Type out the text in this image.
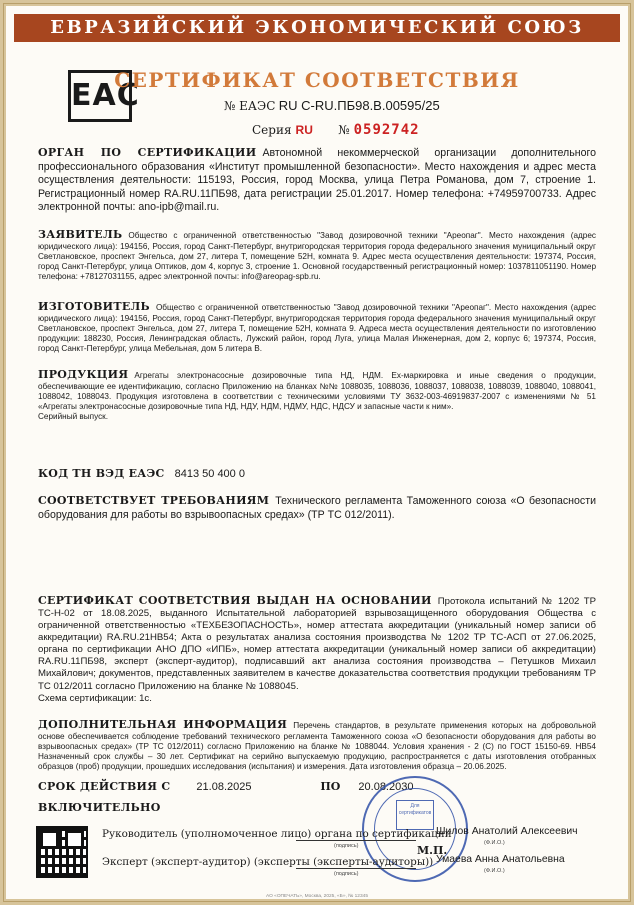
ЕВРАЗИЙСКИЙ ЭКОНОМИЧЕСКИЙ СОЮЗ
EAC
СЕРТИФИКАТ СООТВЕТСТВИЯ
№ ЕАЭС RU C-RU.ПБ98.В.00595/25
Серия RU № 0592742
ОРГАН ПО СЕРТИФИКАЦИИ Автономной некоммерческой организации дополнительного профессионального образования «Институт промышленной безопасности». Место нахождения и адрес места осуществления деятельности: 115193, Россия, город Москва, улица Петра Романова, дом 7, строение 1. Регистрационный номер RA.RU.11ПБ98, дата регистрации 25.01.2017. Номер телефона: +74959700733. Адрес электронной почты: ano-ipb@mail.ru.
ЗАЯВИТЕЛЬ Общество с ограниченной ответственностью "Завод дозировочной техники "Ареопаг". Место нахождения (адрес юридического лица): 194156, Россия, город Санкт-Петербург, внутригородская территория города федерального значения муниципальный округ Светлановское, проспект Энгельса, дом 27, литера Т, помещение 52Н, комната 9. Адрес места осуществления деятельности: 197374, Россия, город Санкт-Петербург, улица Оптиков, дом 4, корпус 3, строение 1. Основной государственный регистрационный номер: 1037811051190. Номер телефона: +78127031155, адрес электронной почты: info@areopag-spb.ru.
ИЗГОТОВИТЕЛЬ Общество с ограниченной ответственностью "Завод дозировочной техники "Ареопаг". Место нахождения (адрес юридического лица): 194156, Россия, город Санкт-Петербург, внутригородская территория города федерального значения муниципальный округ Светлановское, проспект Энгельса, дом 27, литера Т, помещение 52Н, комната 9. Адреса места осуществления деятельности по изготовлению продукции: 188230, Россия, Ленинградская область, Лужский район, город Луга, улица Малая Инженерная, дом 2, корпус 6; 197374, Россия, город Санкт-Петербург, улица Мебельная, дом 5 литера В.
ПРОДУКЦИЯ Агрегаты электронасосные дозировочные типа НД, НДМ. Ex-маркировка и иные сведения о продукции, обеспечивающие ее идентификацию, согласно Приложению на бланках №№ 1088035, 1088036, 1088037, 1088038, 1088039, 1088040, 1088041, 1088042, 1088043. Продукция изготовлена в соответствии с техническими условиями ТУ 3632-003-46919837-2007 с изменениями № 51 «Агрегаты электронасосные дозировочные типа НД, НДУ, НДМ, НДМУ, НДС, НДСУ и запасные части к ним».
Серийный выпуск.
КОД ТН ВЭД ЕАЭС 8413 50 400 0
СООТВЕТСТВУЕТ ТРЕБОВАНИЯМ Технического регламента Таможенного союза «О безопасности оборудования для работы во взрывоопасных средах» (ТР ТС 012/2011).
СЕРТИФИКАТ СООТВЕТСТВИЯ ВЫДАН НА ОСНОВАНИИ Протокола испытаний № 1202 ТР ТС-Н-02 от 18.08.2025, выданного Испытательной лабораторией взрывозащищенного оборудования Общества с ограниченной ответственностью «ТЕХБЕЗОПАСНОСТЬ», номер аттестата аккредитации (уникальный номер записи об аккредитации) RA.RU.21НВ54; Акта о результатах анализа состояния производства № 1202 ТР ТС-АСП от 27.06.2025, органа по сертификации АНО ДПО «ИПБ», номер аттестата аккредитации (уникальный номер записи об аккредитации) RA.RU.11ПБ98, эксперт (эксперт-аудитор), подписавший акт анализа состояния производства – Петушков Михаил Михайлович; документов, представленных заявителем в качестве доказательства соответствия продукции требованиям ТР ТС 012/2011 согласно Приложению на бланке № 1088045.
Схема сертификации: 1с.
ДОПОЛНИТЕЛЬНАЯ ИНФОРМАЦИЯ Перечень стандартов, в результате применения которых на добровольной основе обеспечивается соблюдение требований технического регламента Таможенного союза «О безопасности оборудования для работы во взрывоопасных средах» (ТР ТС 012/2011) согласно Приложению на бланке № 1088044. Условия хранения - 2 (С) по ГОСТ 15150-69. НВ54 Назначенный срок службы – 30 лет. Сертификат на серийно выпускаемую продукцию, распространяется с даты изготовления отобранных образцов (проб) продукции, прошедших исследования (испытания) и измерения. Дата изготовления образца – 20.06.2025.
СРОК ДЕЙСТВИЯ С 21.08.2025	ПО 20.08.2030
ВКЛЮЧИТЕЛЬНО	Для сертификатов
Руководитель (уполномоченное лицо) органа по сертификации
(подпись)
Шилов Анатолий Алексеевич
(Ф.И.О.)
М.П.
Эксперт (эксперт-аудитор) (эксперты (эксперты-аудиторы))
(подпись)
Умаева Анна Анатольевна
(Ф.И.О.)
АО «ОПЕЧАТЬ», Москва, 2025, «Б», № 12345
